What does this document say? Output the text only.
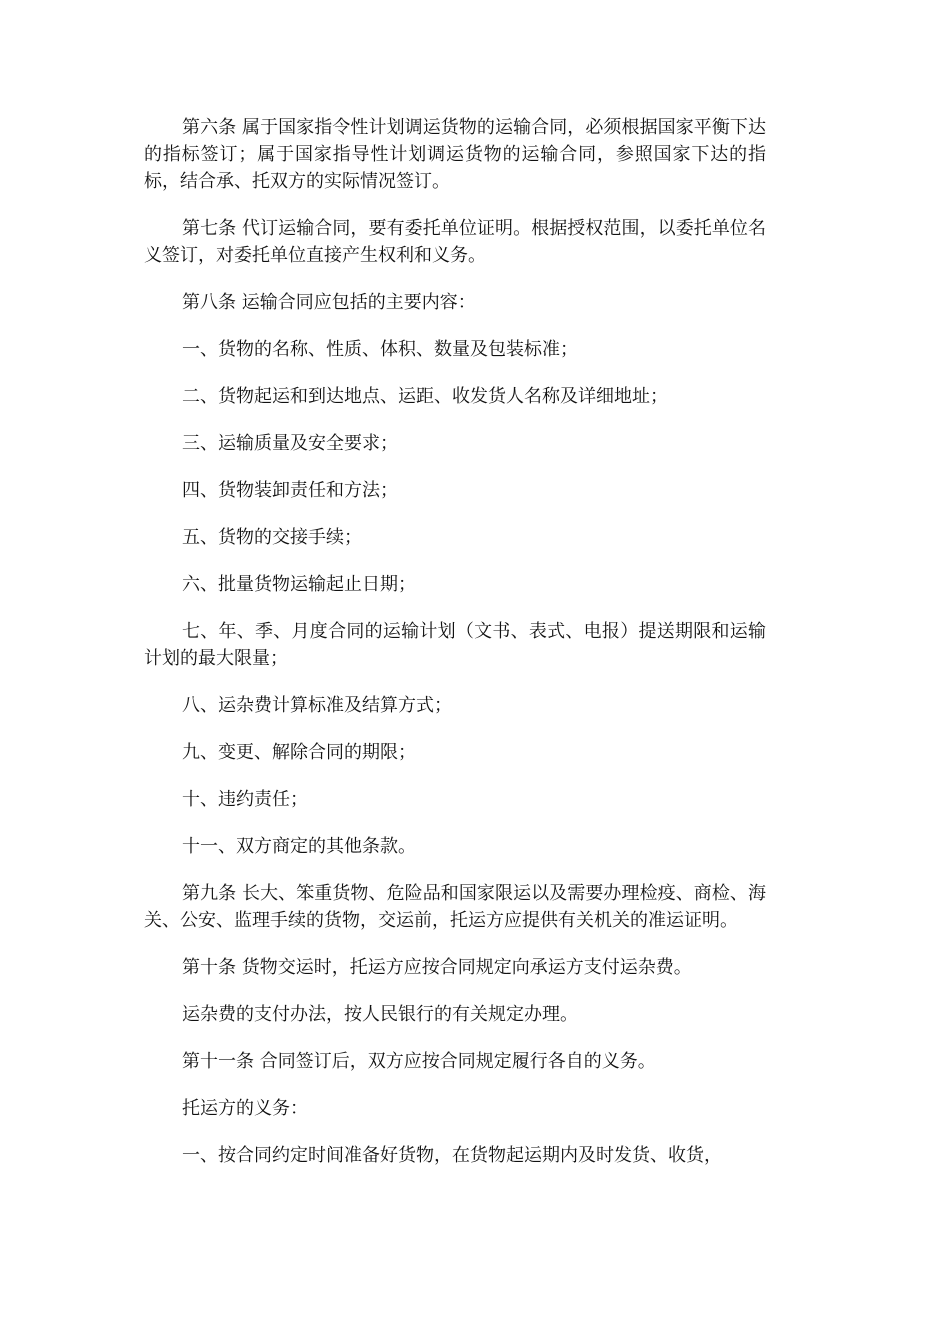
第六条 属于国家指令性计划调运货物的运输合同，必须根据国家平衡下达的指标签订；属于国家指导性计划调运货物的运输合同，参照国家下达的指标，结合承、托双方的实际情况签订。

第七条 代订运输合同，要有委托单位证明。根据授权范围，以委托单位名义签订，对委托单位直接产生权利和义务。

第八条 运输合同应包括的主要内容：

一、货物的名称、性质、体积、数量及包装标准；

二、货物起运和到达地点、运距、收发货人名称及详细地址；

三、运输质量及安全要求；

四、货物装卸责任和方法；

五、货物的交接手续；

六、批量货物运输起止日期；

七、年、季、月度合同的运输计划（文书、表式、电报）提送期限和运输计划的最大限量；

八、运杂费计算标准及结算方式；

九、变更、解除合同的期限；

十、违约责任；

十一、双方商定的其他条款。

第九条 长大、笨重货物、危险品和国家限运以及需要办理检疫、商检、海关、公安、监理手续的货物，交运前，托运方应提供有关机关的准运证明。

第十条 货物交运时，托运方应按合同规定向承运方支付运杂费。

运杂费的支付办法，按人民银行的有关规定办理。

第十一条 合同签订后，双方应按合同规定履行各自的义务。

托运方的义务：

一、按合同约定时间准备好货物，在货物起运期内及时发货、收货，
